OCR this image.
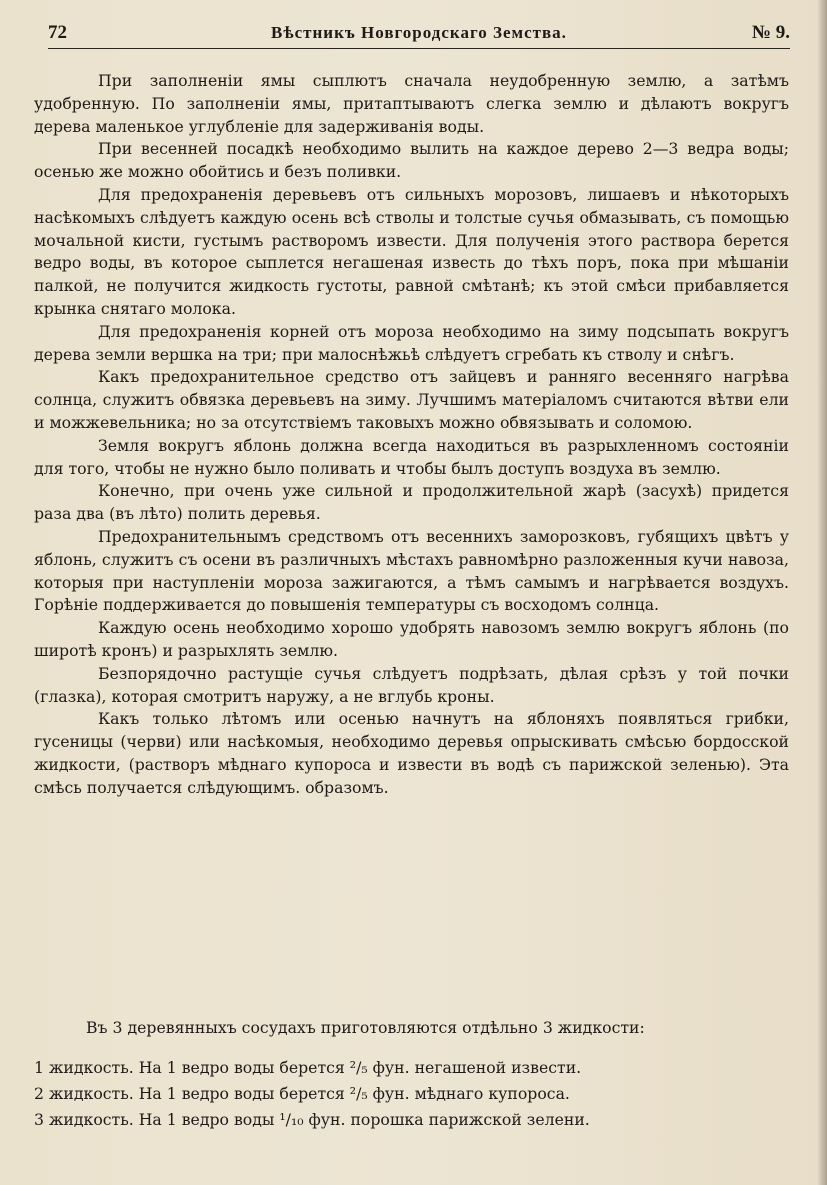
72	Вѣстникъ Новгородскаго Земства.	№ 9.

При заполненіи ямы сыплютъ сначала неудобренную землю, а затѣмъ удобренную. По заполненіи ямы, притаптываютъ слегка землю и дѣлаютъ вокругъ дерева маленькое углубленіе для задерживанія воды.

При весенней посадкѣ необходимо вылить на каждое дерево 2—3 ведра воды; осенью же можно обойтись и безъ поливки.

Для предохраненія деревьевъ отъ сильныхъ морозовъ, лишаевъ и нѣкоторыхъ насѣкомыхъ слѣдуетъ каждую осень всѣ стволы и толстые сучья обмазывать, съ помощью мочальной кисти, густымъ растворомъ извести. Для полученія этого раствора берется ведро воды, въ которое сыплется негашеная известь до тѣхъ поръ, пока при мѣшаніи палкой, не получится жидкость густоты, равной смѣтанѣ; къ этой смѣси прибавляется крынка снятаго молока.

Для предохраненія корней отъ мороза необходимо на зиму подсыпать вокругъ дерева земли вершка на три; при малоснѣжьѣ слѣдуетъ сгребать къ стволу и снѣгъ.

Какъ предохранительное средство отъ зайцевъ и ранняго весенняго нагрѣва солнца, служитъ обвязка деревьевъ на зиму. Лучшимъ матеріаломъ считаются вѣтви ели и можжевельника; но за отсутствіемъ таковыхъ можно обвязывать и соломою.

Земля вокругъ яблонь должна всегда находиться въ разрыхленномъ состояніи для того, чтобы не нужно было поливать и чтобы былъ доступъ воздуха въ землю.

Конечно, при очень уже сильной и продолжительной жарѣ (засухѣ) придется раза два (въ лѣто) полить деревья.

Предохранительнымъ средствомъ отъ весеннихъ заморозковъ, губящихъ цвѣтъ у яблонь, служитъ съ осени въ различныхъ мѣстахъ равномѣрно разложенныя кучи навоза, которыя при наступленіи мороза зажигаются, а тѣмъ самымъ и нагрѣвается воздухъ. Горѣніе поддерживается до повышенія температуры съ восходомъ солнца.

Каждую осень необходимо хорошо удобрять навозомъ землю вокругъ яблонь (по широтѣ кронъ) и разрыхлять землю.

Безпорядочно растущіе сучья слѣдуетъ подрѣзать, дѣлая срѣзъ у той почки (глазка), которая смотритъ наружу, а не вглубь кроны.

Какъ только лѣтомъ или осенью начнутъ на яблоняхъ появляться грибки, гусеницы (черви) или насѣкомыя, необходимо деревья опрыскивать смѣсью бордосской жидкости, (растворъ мѣднаго купороса и извести въ водѣ съ парижской зеленью). Эта смѣсь получается слѣдующимъ. образомъ.

Въ 3 деревянныхъ сосудахъ приготовляются отдѣльно 3 жидкости:
1 жидкость. На 1 ведро воды берется ²/₅ фун. негашеной извести.
2 жидкость. На 1 ведро воды берется ²/₅ фун. мѣднаго купороса.
3 жидкость. На 1 ведро воды ¹/₁₀ фун. порошка парижской зелени.
